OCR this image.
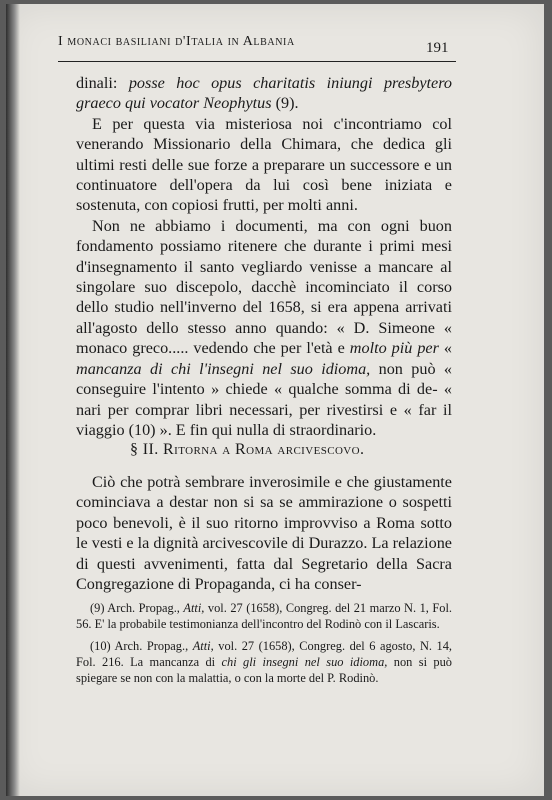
I monaci basiliani d'Italia in Albania	191

dinali: posse hoc opus charitatis iniungi presbytero graeco qui vocator Neophytus (9).

E per questa via misteriosa noi c'incontriamo col venerando Missionario della Chimara, che dedica gli ultimi resti delle sue forze a preparare un successore e un continuatore dell'opera da lui così bene iniziata e sostenuta, con copiosi frutti, per molti anni.

Non ne abbiamo i documenti, ma con ogni buon fondamento possiamo ritenere che durante i primi mesi d'insegnamento il santo vegliardo venisse a mancare al singolare suo discepolo, dacchè incominciato il corso dello studio nell'inverno del 1658, si era appena arrivati all'agosto dello stesso anno quando: « D. Simeone « monaco greco..... vedendo che per l'età e molto più per « mancanza di chi l'insegni nel suo idioma, non può « conseguire l'intento » chiede « qualche somma di de- « nari per comprar libri necessari, per rivestirsi e « far il viaggio (10) ». E fin qui nulla di straordinario.

§ II. Ritorna a Roma arcivescovo.

Ciò che potrà sembrare inverosimile e che giustamente cominciava a destar non si sa se ammirazione o sospetti poco benevoli, è il suo ritorno improvviso a Roma sotto le vesti e la dignità arcivescovile di Durazzo. La relazione di questi avvenimenti, fatta dal Segretario della Sacra Congregazione di Propaganda, ci ha conser-

(9) Arch. Propag., Atti, vol. 27 (1658), Congreg. del 21 marzo N. 1, Fol. 56. E' la probabile testimonianza dell'incontro del Rodinò con il Lascaris.

(10) Arch. Propag., Atti, vol. 27 (1658), Congreg. del 6 agosto, N. 14, Fol. 216. La mancanza di chi gli insegni nel suo idioma, non si può spiegare se non con la malattia, o con la morte del P. Rodinò.
